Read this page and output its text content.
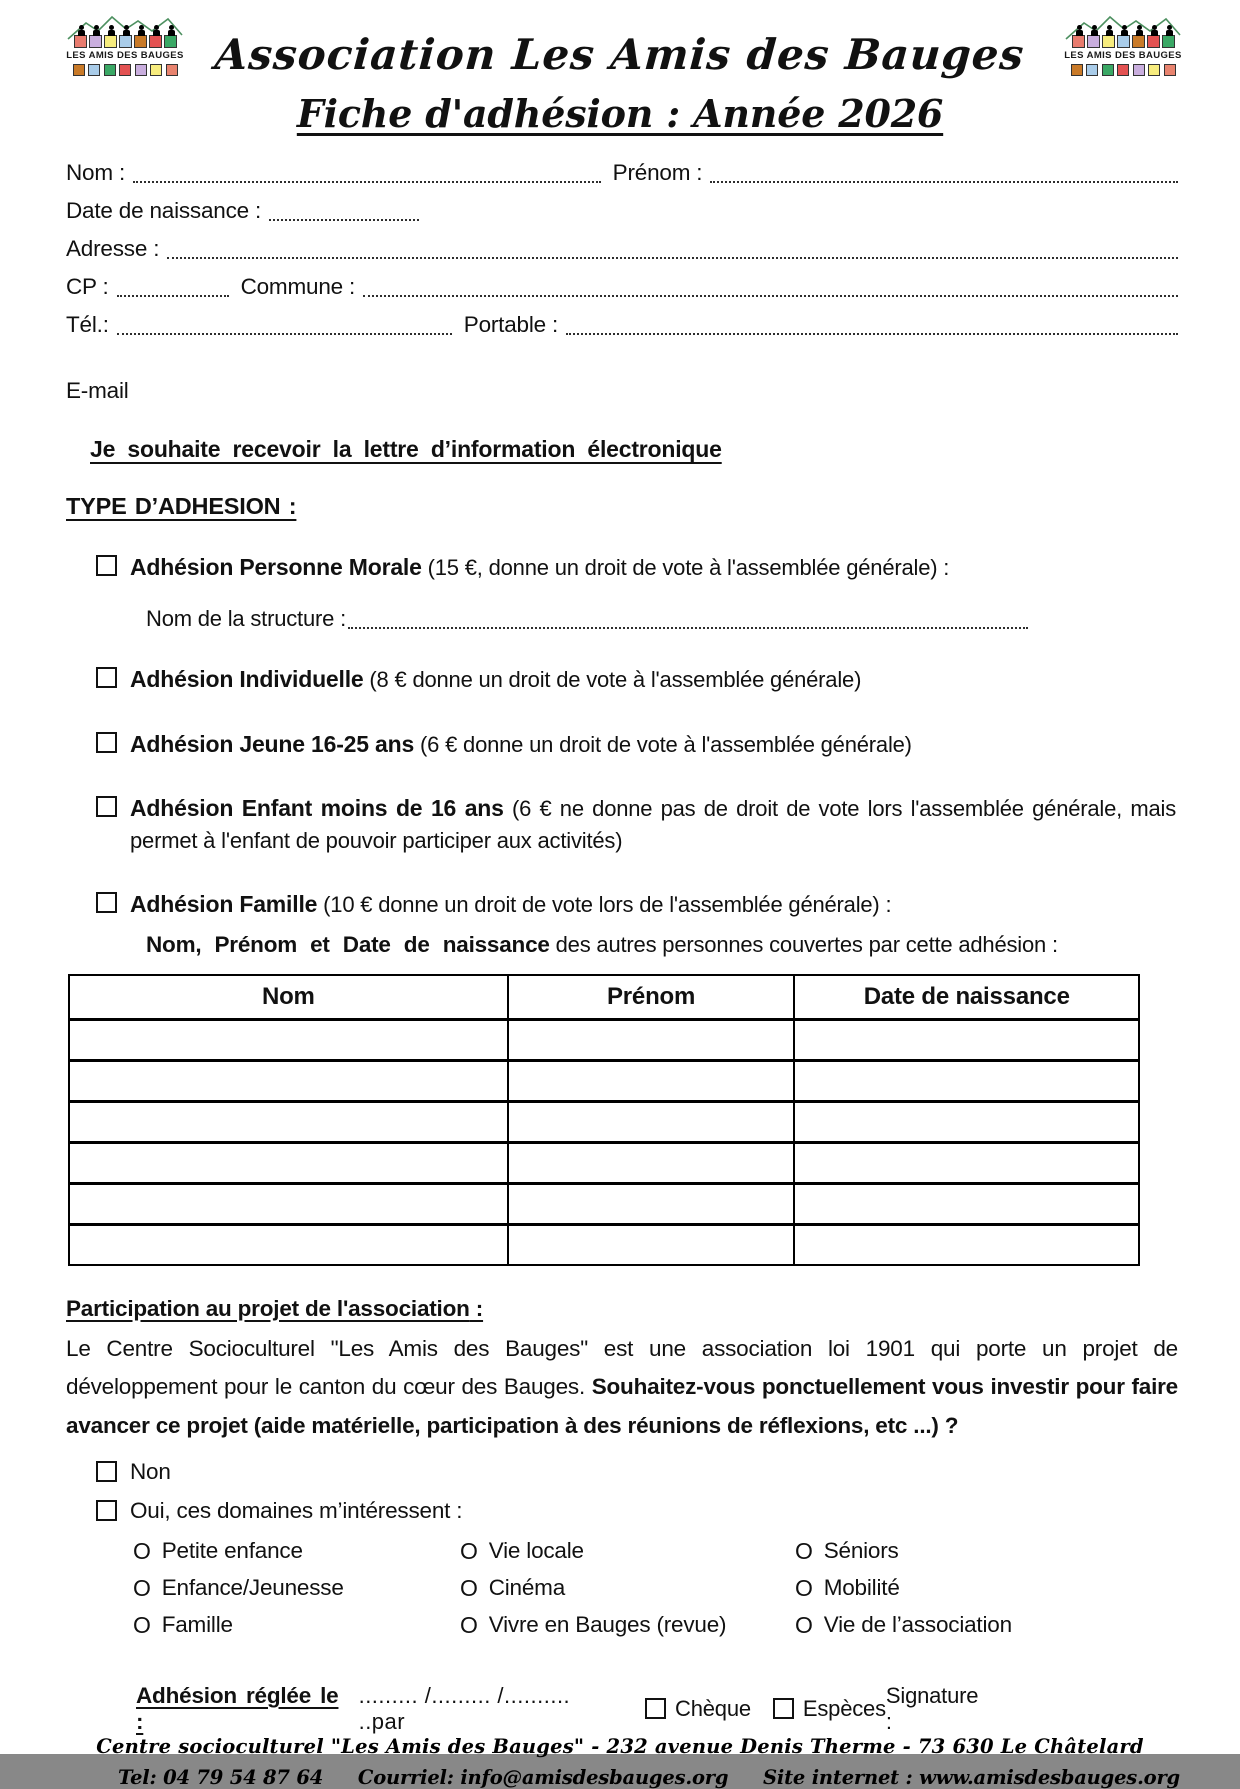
LES AMIS DES BAUGES	LES AMIS DES BAUGES
Association Les Amis des Bauges
Fiche d'adhésion : Année 2026
Nom :	Prénom :
Date de naissance :
Adresse :
CP :	Commune :
Tél.:	Portable :
E-mail
Je souhaite recevoir la lettre d’information électronique
TYPE D’ADHESION :
Adhésion Personne Morale (15 €, donne un droit de vote à l'assemblée générale) :
Nom de la structure :
Adhésion Individuelle (8 € donne un droit de vote à l'assemblée générale)
Adhésion Jeune 16-25 ans (6 € donne un droit de vote à l'assemblée générale)
Adhésion Enfant moins de 16 ans (6 € ne donne pas de droit de vote lors l'assemblée générale, mais permet à l'enfant de pouvoir participer aux activités)
Adhésion Famille (10 € donne un droit de vote lors de l'assemblée générale) :
Nom, Prénom et Date de naissance des autres personnes couvertes par cette adhésion :
Nom	Prénom	Date de naissance

Participation au projet de l'association :
Le Centre Socioculturel "Les Amis des Bauges" est une association loi 1901 qui porte un projet de développement pour le canton du cœur des Bauges. Souhaitez-vous ponctuellement vous investir pour faire avancer ce projet (aide matérielle, participation à des réunions de réflexions, etc ...) ?
Non
Oui, ces domaines m’intéressent :
O Petite enfance	O Vie locale	O Séniors
O Enfance/Jeunesse	O Cinéma	O Mobilité
O Famille	O Vivre en Bauges (revue)	O Vie de l’association
Adhésion réglée le :
......... /......... /.......... ..par
Chèque Espèces
Signature :
Centre socioculturel "Les Amis des Bauges" - 232 avenue Denis Therme - 73 630 Le Châtelard
Tel: 04 79 54 87 64 Courriel: info@amisdesbauges.org Site internet : www.amisdesbauges.org
